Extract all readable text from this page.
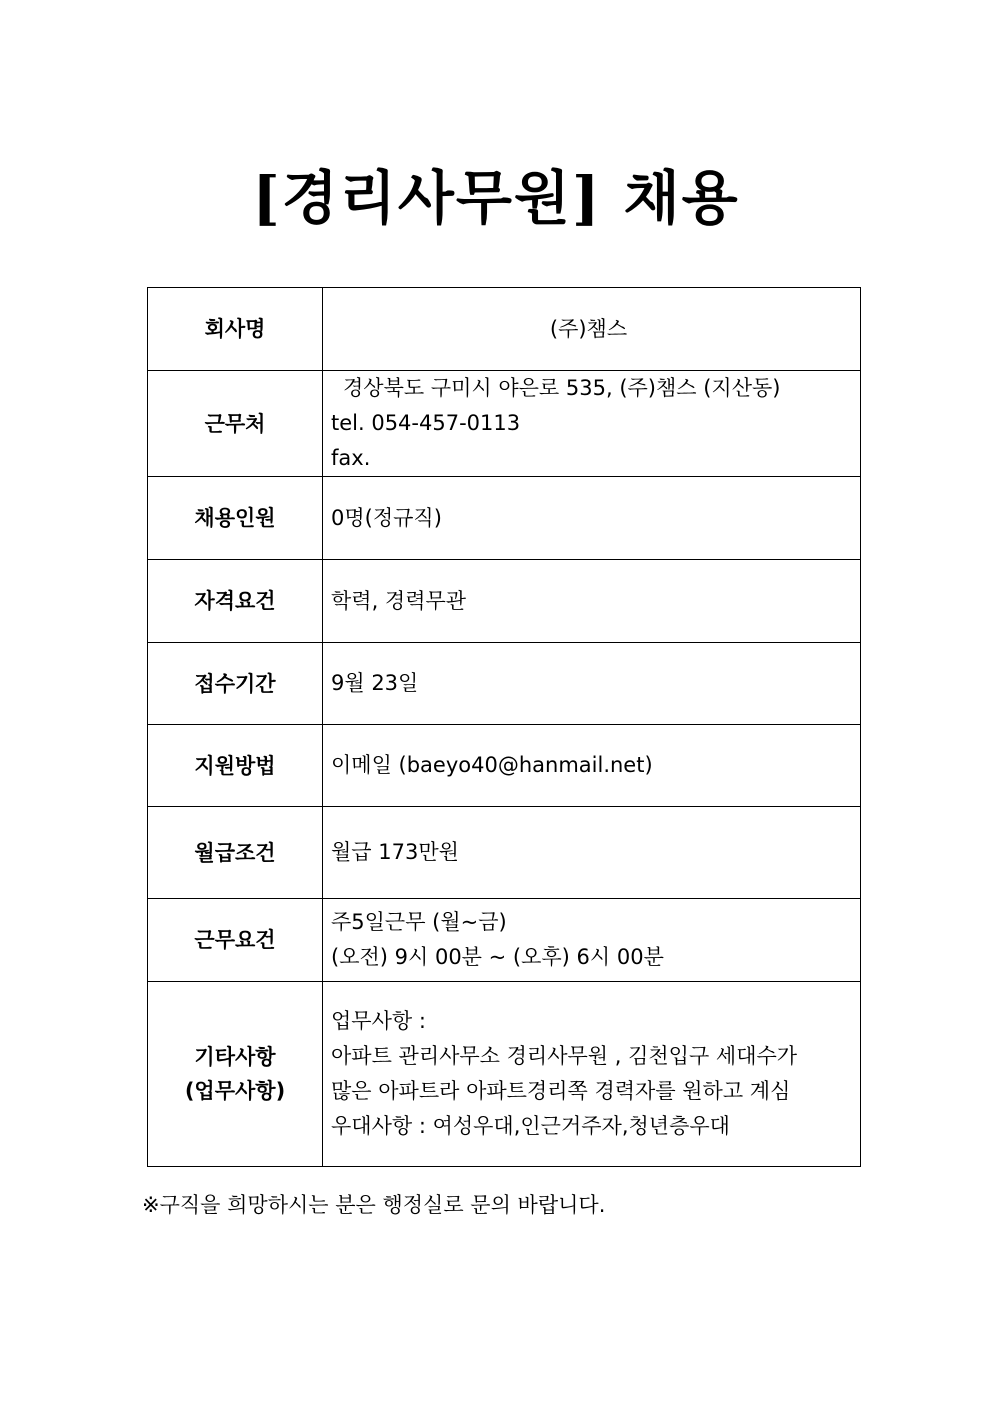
[경리사무원] 채용
회사명	(주)챔스
근무처	경상북도 구미시 야은로 535, (주)챔스 (지산동)
tel. 054-457-0113
fax.

채용인원	0명(정규직)
자격요건	학력, 경력무관
접수기간	9월 23일
지원방법	이메일 (baeyo40@hanmail.net)
월급조건	월급 173만원
근무요건	주5일근무 (월~금)
(오전) 9시 00분 ~ (오후) 6시 00분

기타사항
(업무사항)	업무사항 :
아파트 관리사무소 경리사무원 , 김천입구 세대수가
많은 아파트라 아파트경리쪽 경력자를 원하고 계심
우대사항 : 여성우대,인근거주자,청년층우대
※구직을 희망하시는 분은 행정실로 문의 바랍니다.
